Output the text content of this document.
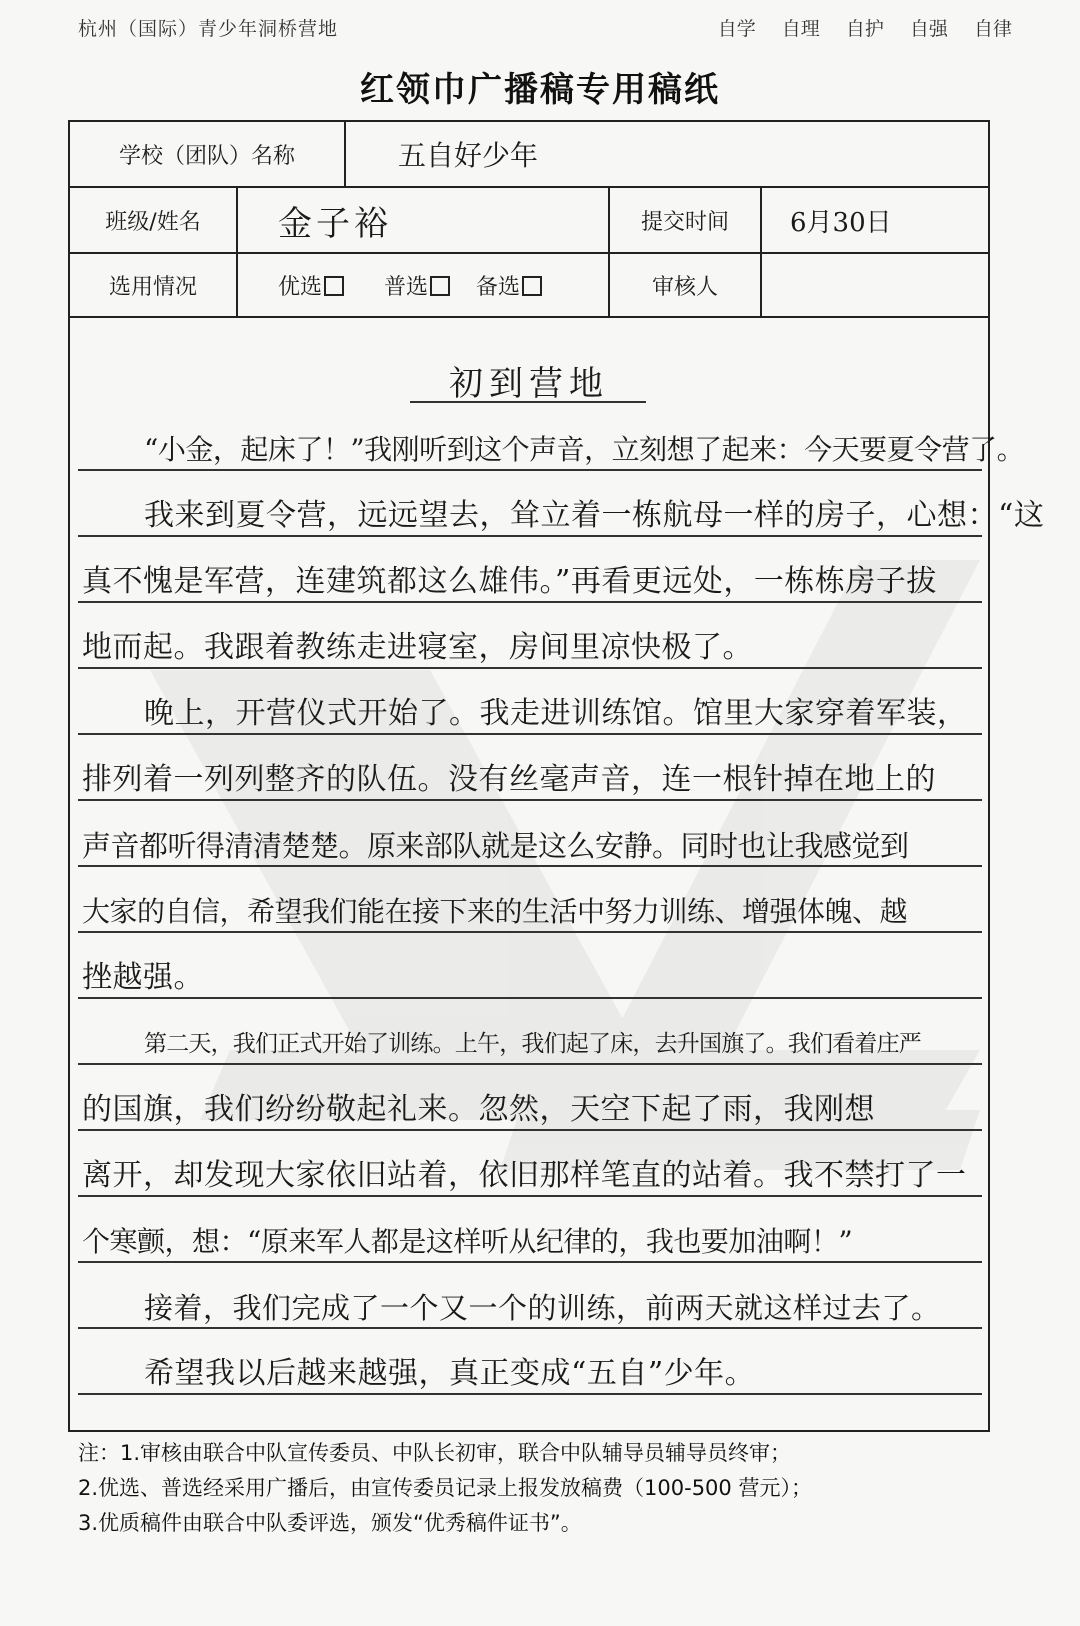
杭州（国际）青少年洞桥营地	自学 自理 自护 自强 自律
红领巾广播稿专用稿纸
学校（团队）名称	五自好少年
班级/姓名	金子裕	提交时间	6月30日
选用情况	优选	普选	备选	审核人
初到营地
“小金，起床了！”我刚听到这个声音，立刻想了起来：今天要夏令营了。
我来到夏令营，远远望去，耸立着一栋航母一样的房子，心想：“这
真不愧是军营，连建筑都这么雄伟。”再看更远处，一栋栋房子拔
地而起。我跟着教练走进寝室，房间里凉快极了。
晚上，开营仪式开始了。我走进训练馆。馆里大家穿着军装，
排列着一列列整齐的队伍。没有丝毫声音，连一根针掉在地上的
声音都听得清清楚楚。原来部队就是这么安静。同时也让我感觉到
大家的自信，希望我们能在接下来的生活中努力训练、增强体魄、越
挫越强。
第二天，我们正式开始了训练。上午，我们起了床，去升国旗了。我们看着庄严
的国旗，我们纷纷敬起礼来。忽然，天空下起了雨，我刚想
离开，却发现大家依旧站着，依旧那样笔直的站着。我不禁打了一
个寒颤，想：“原来军人都是这样听从纪律的，我也要加油啊！”
接着，我们完成了一个又一个的训练，前两天就这样过去了。
希望我以后越来越强，真正变成“五自”少年。
注：1.审核由联合中队宣传委员、中队长初审，联合中队辅导员辅导员终审；
2.优选、普选经采用广播后，由宣传委员记录上报发放稿费（100-500 营元）；
3.优质稿件由联合中队委评选，颁发“优秀稿件证书”。
